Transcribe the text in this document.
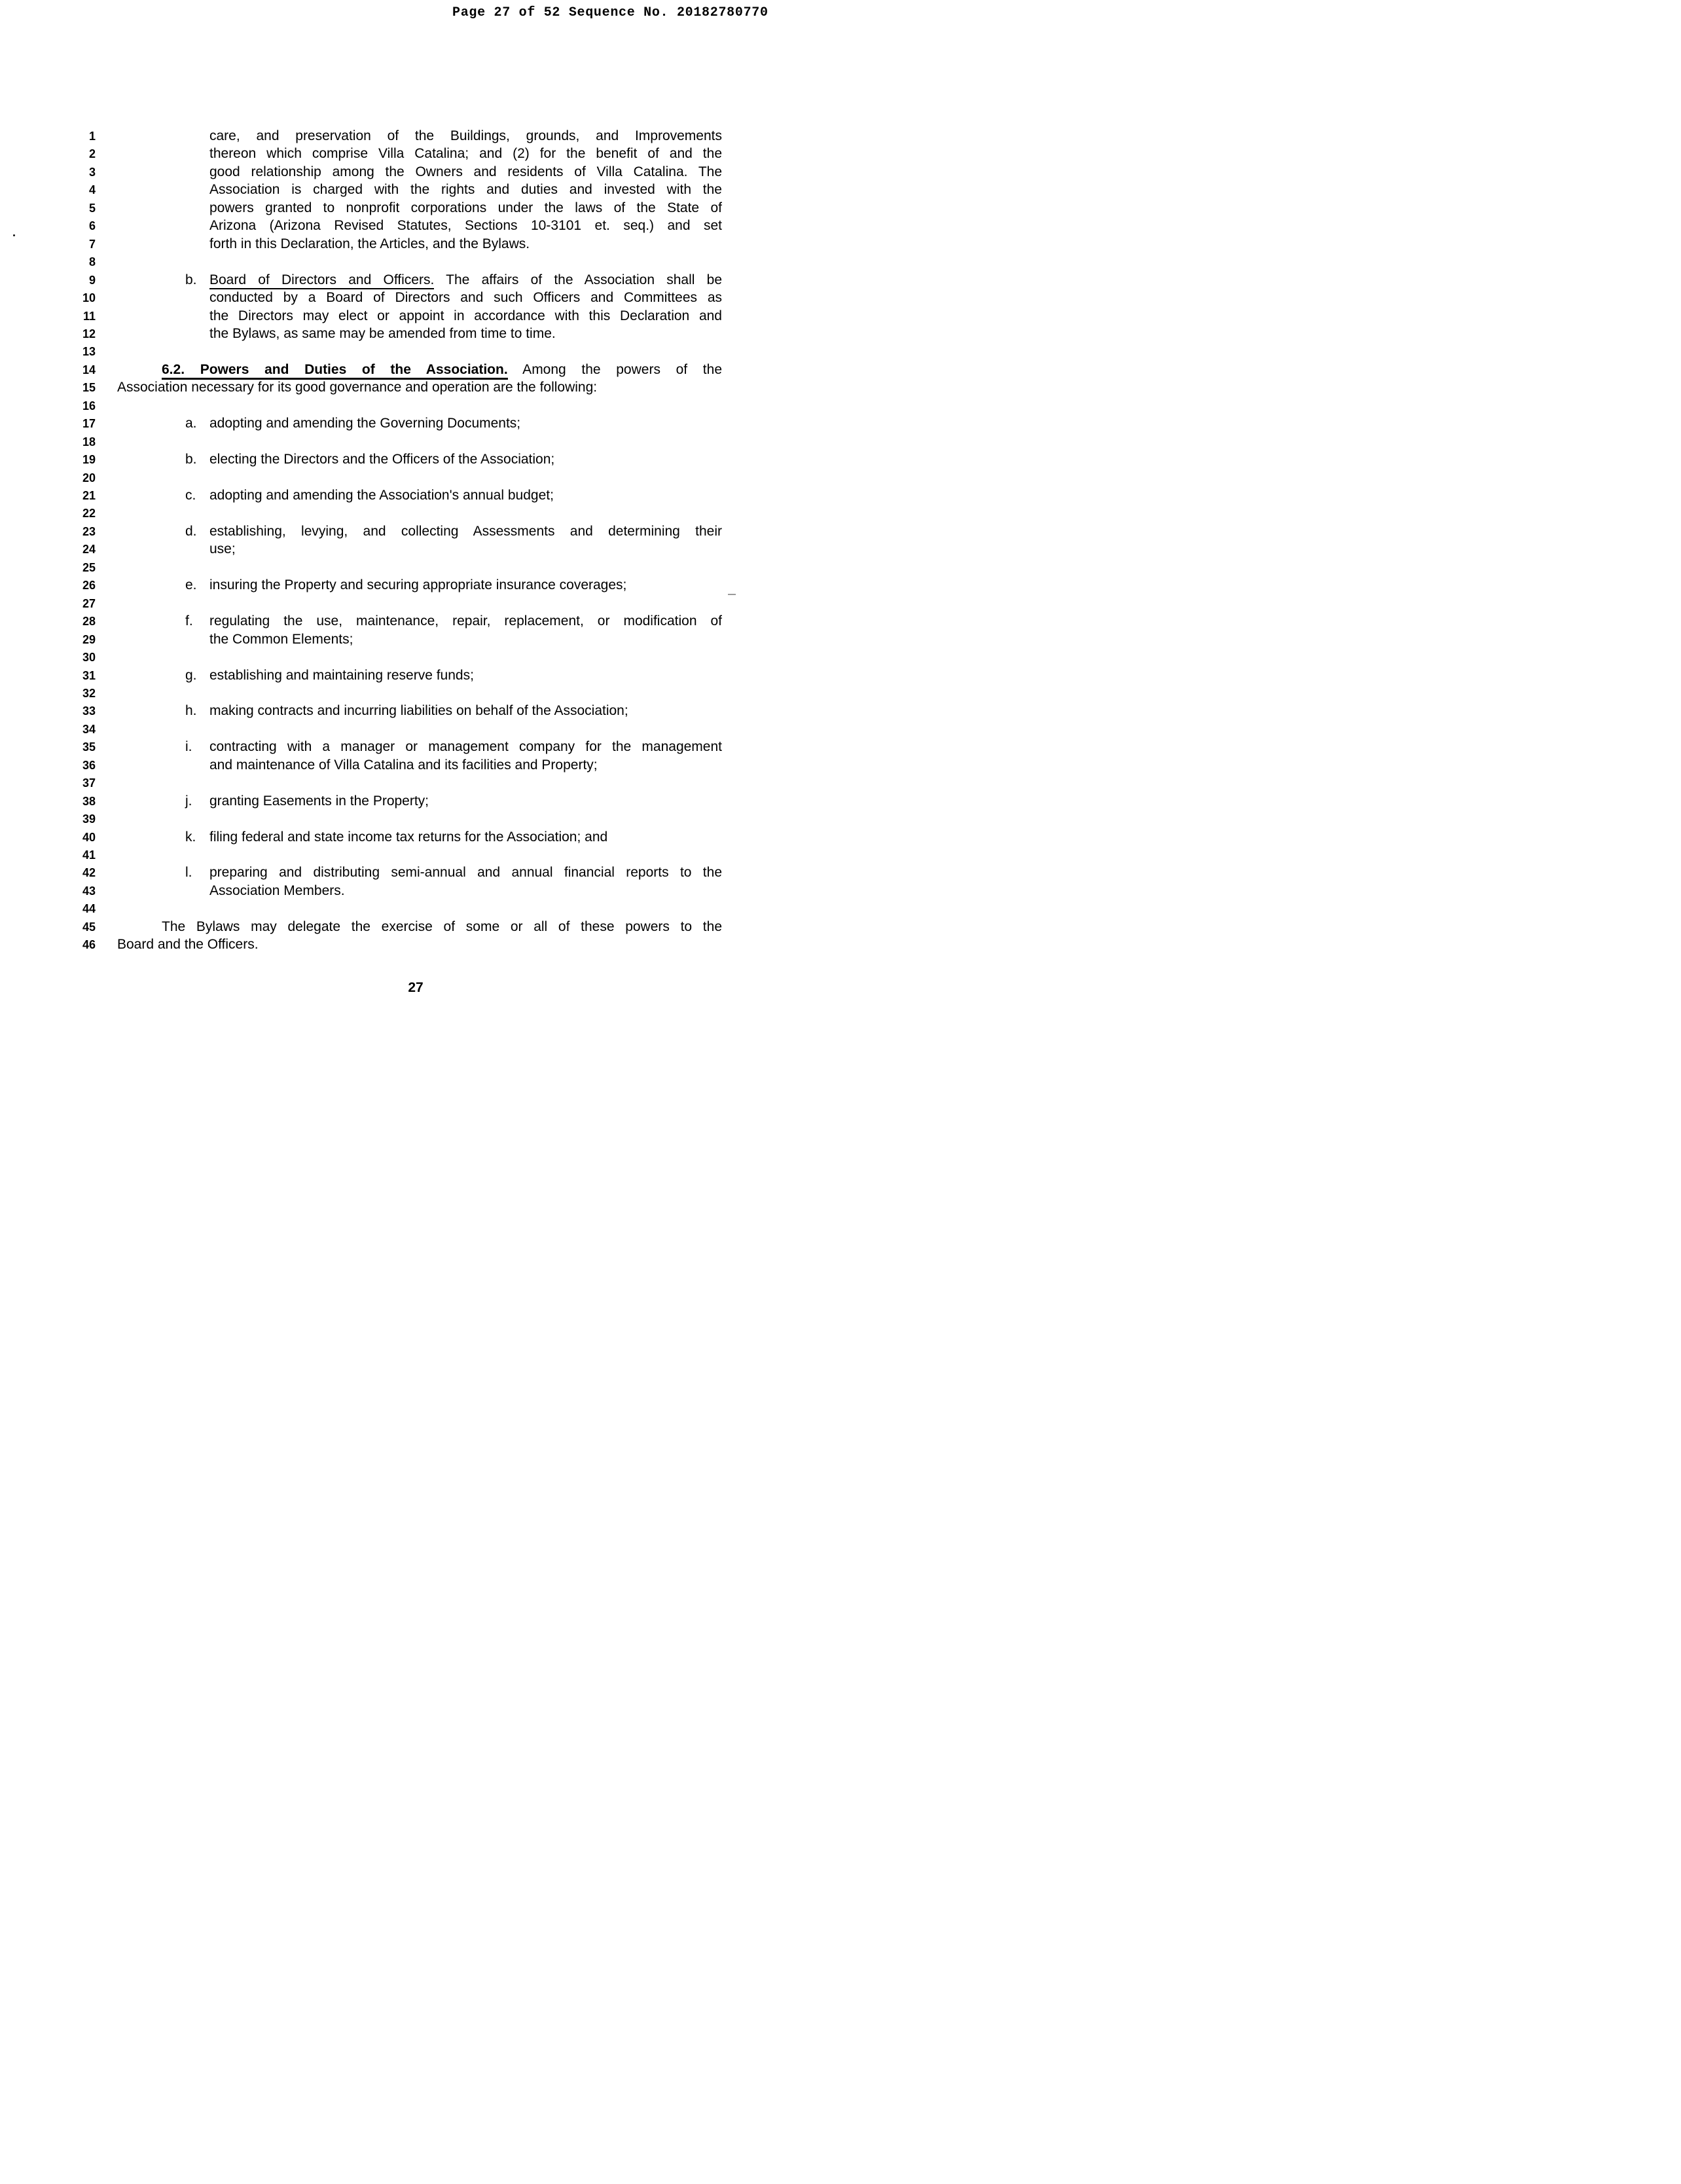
Page 27 of 52 Sequence No. 20182780770
1
2
3
4
5
6
7
8
9
10
11
12
13
14
15
16
17
18
19
20
21
22
23
24
25
26
27
28
29
30
31
32
33
34
35
36
37
38
39
40
41
42
43
44
45
46
care, and preservation of the Buildings, grounds, and Improvements
thereon which comprise Villa Catalina; and (2) for the benefit of and the
good relationship among the Owners and residents of Villa Catalina. The
Association is charged with the rights and duties and invested with the
powers granted to nonprofit corporations under the laws of the State of
Arizona (Arizona Revised Statutes, Sections 10-3101 et. seq.) and set
forth in this Declaration, the Articles, and the Bylaws.
b. Board of Directors and Officers. The affairs of the Association shall be
conducted by a Board of Directors and such Officers and Committees as
the Directors may elect or appoint in accordance with this Declaration and
the Bylaws, as same may be amended from time to time.
6.2. Powers and Duties of the Association. Among the powers of the
Association necessary for its good governance and operation are the following:
a. adopting and amending the Governing Documents;
b. electing the Directors and the Officers of the Association;
c. adopting and amending the Association's annual budget;
d. establishing, levying, and collecting Assessments and determining their
use;
e. insuring the Property and securing appropriate insurance coverages;
f.	regulating the use, maintenance, repair, replacement, or modification of
the Common Elements;
g. establishing and maintaining reserve funds;
h. making contracts and incurring liabilities on behalf of the Association;
i.	contracting with a manager or management company for the management
and maintenance of Villa Catalina and its facilities and Property;
j.	granting Easements in the Property;
k. filing federal and state income tax returns for the Association; and
l.	preparing and distributing semi-annual and annual financial reports to the
Association Members.
The Bylaws may delegate the exercise of some or all of these powers to the
Board and the Officers.
27
